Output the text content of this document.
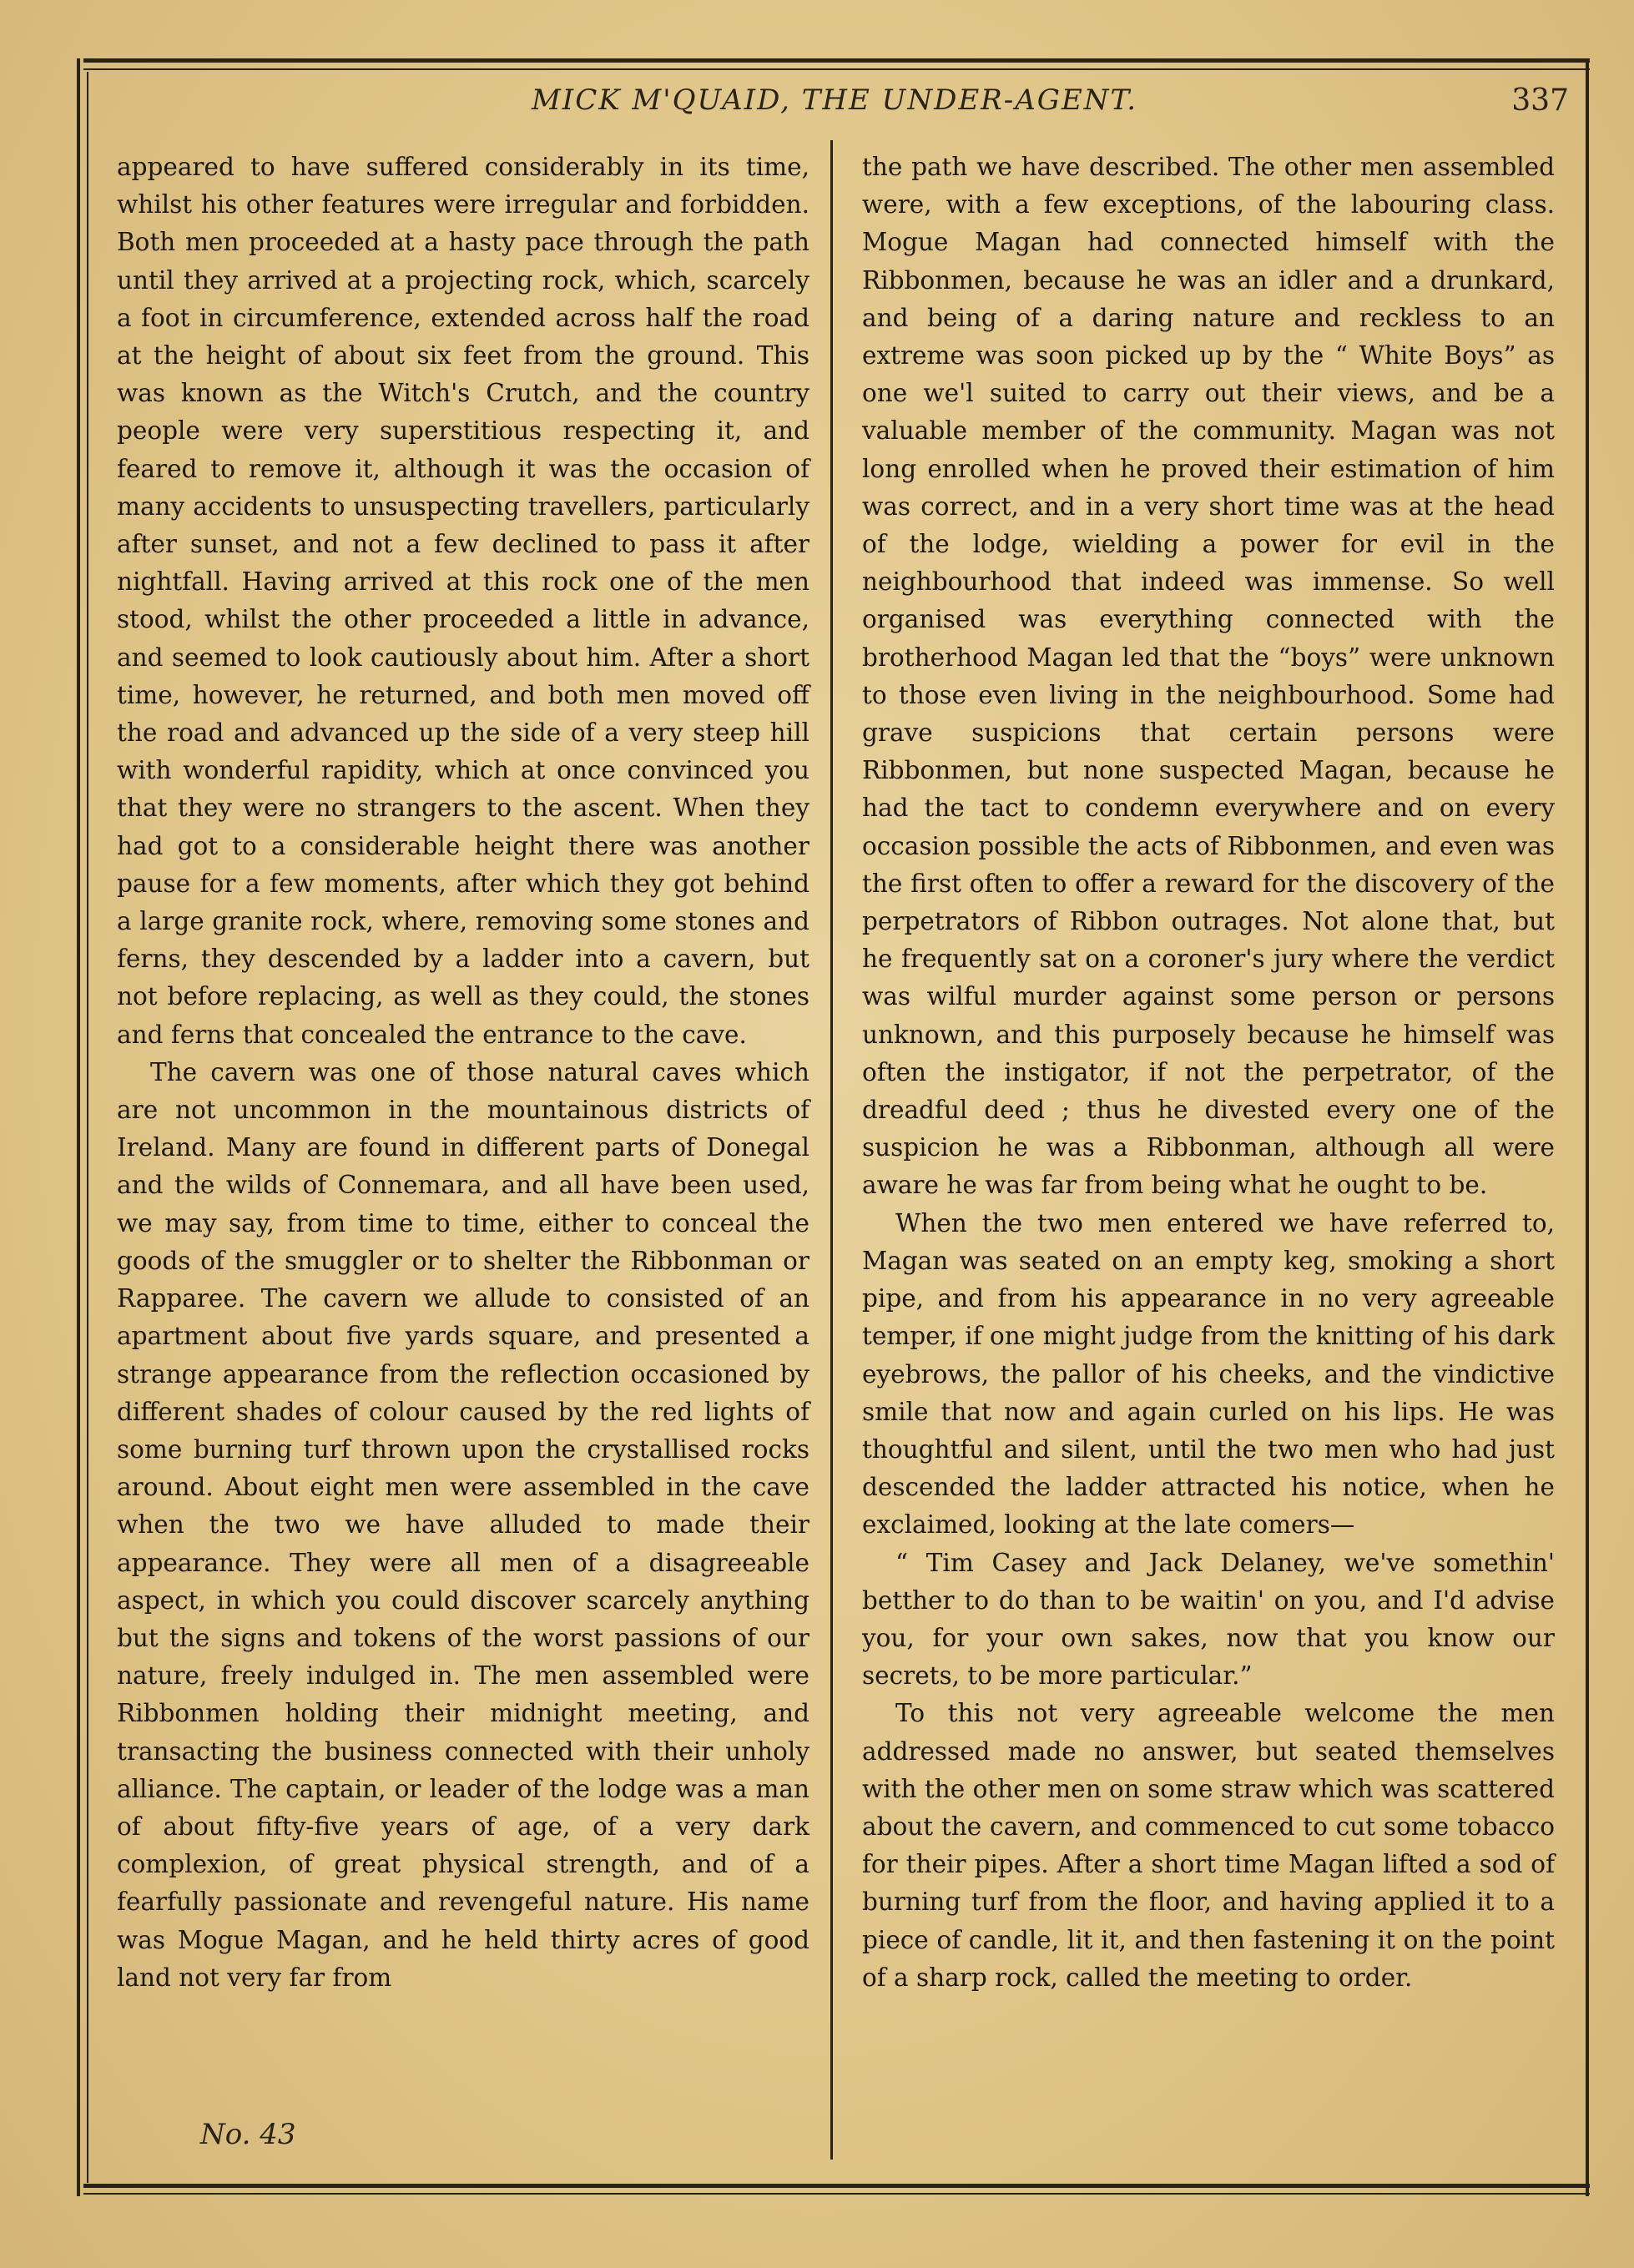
MICK M'QUAID, THE UNDER-AGENT.	337

appeared to have suffered considerably in its time, whilst his other features were irregular and forbidden. Both men proceeded at a hasty pace through the path until they arrived at a projecting rock, which, scarcely a foot in circumference, extended across half the road at the height of about six feet from the ground. This was known as the Witch's Crutch, and the country people were very superstitious respecting it, and feared to remove it, although it was the occasion of many accidents to unsuspecting travellers, particularly after sunset, and not a few declined to pass it after nightfall. Having arrived at this rock one of the men stood, whilst the other proceeded a little in advance, and seemed to look cautiously about him. After a short time, however, he returned, and both men moved off the road and advanced up the side of a very steep hill with wonderful rapidity, which at once convinced you that they were no strangers to the ascent. When they had got to a considerable height there was another pause for a few moments, after which they got behind a large granite rock, where, removing some stones and ferns, they descended by a ladder into a cavern, but not before replacing, as well as they could, the stones and ferns that concealed the entrance to the cave.

The cavern was one of those natural caves which are not uncommon in the mountainous districts of Ireland. Many are found in different parts of Donegal and the wilds of Connemara, and all have been used, we may say, from time to time, either to conceal the goods of the smuggler or to shelter the Ribbonman or Rapparee. The cavern we allude to consisted of an apartment about five yards square, and presented a strange appearance from the reflection occasioned by different shades of colour caused by the red lights of some burning turf thrown upon the crystallised rocks around. About eight men were assembled in the cave when the two we have alluded to made their appearance. They were all men of a disagreeable aspect, in which you could discover scarcely anything but the signs and tokens of the worst passions of our nature, freely indulged in. The men assembled were Ribbonmen holding their midnight meeting, and transacting the business connected with their unholy alliance. The captain, or leader of the lodge was a man of about fifty-five years of age, of a very dark complexion, of great physical strength, and of a fearfully passionate and revengeful nature. His name was Mogue Magan, and he held thirty acres of good land not very far from

the path we have described. The other men assembled were, with a few exceptions, of the labouring class. Mogue Magan had connected himself with the Ribbonmen, because he was an idler and a drunkard, and being of a daring nature and reckless to an extreme was soon picked up by the “ White Boys” as one we'l suited to carry out their views, and be a valuable member of the community. Magan was not long enrolled when he proved their estimation of him was correct, and in a very short time was at the head of the lodge, wielding a power for evil in the neighbourhood that indeed was immense. So well organised was everything connected with the brotherhood Magan led that the “boys” were unknown to those even living in the neighbourhood. Some had grave suspicions that certain persons were Ribbonmen, but none suspected Magan, because he had the tact to condemn everywhere and on every occasion possible the acts of Ribbonmen, and even was the first often to offer a reward for the discovery of the perpetrators of Ribbon outrages. Not alone that, but he frequently sat on a coroner's jury where the verdict was wilful murder against some person or persons unknown, and this purposely because he himself was often the instigator, if not the perpetrator, of the dreadful deed ; thus he divested every one of the suspicion he was a Ribbonman, although all were aware he was far from being what he ought to be.

When the two men entered we have referred to, Magan was seated on an empty keg, smoking a short pipe, and from his appearance in no very agreeable temper, if one might judge from the knitting of his dark eyebrows, the pallor of his cheeks, and the vindictive smile that now and again curled on his lips. He was thoughtful and silent, until the two men who had just descended the ladder attracted his notice, when he exclaimed, looking at the late comers—

“ Tim Casey and Jack Delaney, we've somethin' betther to do than to be waitin' on you, and I'd advise you, for your own sakes, now that you know our secrets, to be more particular.”

To this not very agreeable welcome the men addressed made no answer, but seated themselves with the other men on some straw which was scattered about the cavern, and commenced to cut some tobacco for their pipes. After a short time Magan lifted a sod of burning turf from the floor, and having applied it to a piece of candle, lit it, and then fastening it on the point of a sharp rock, called the meeting to order.

No. 43
